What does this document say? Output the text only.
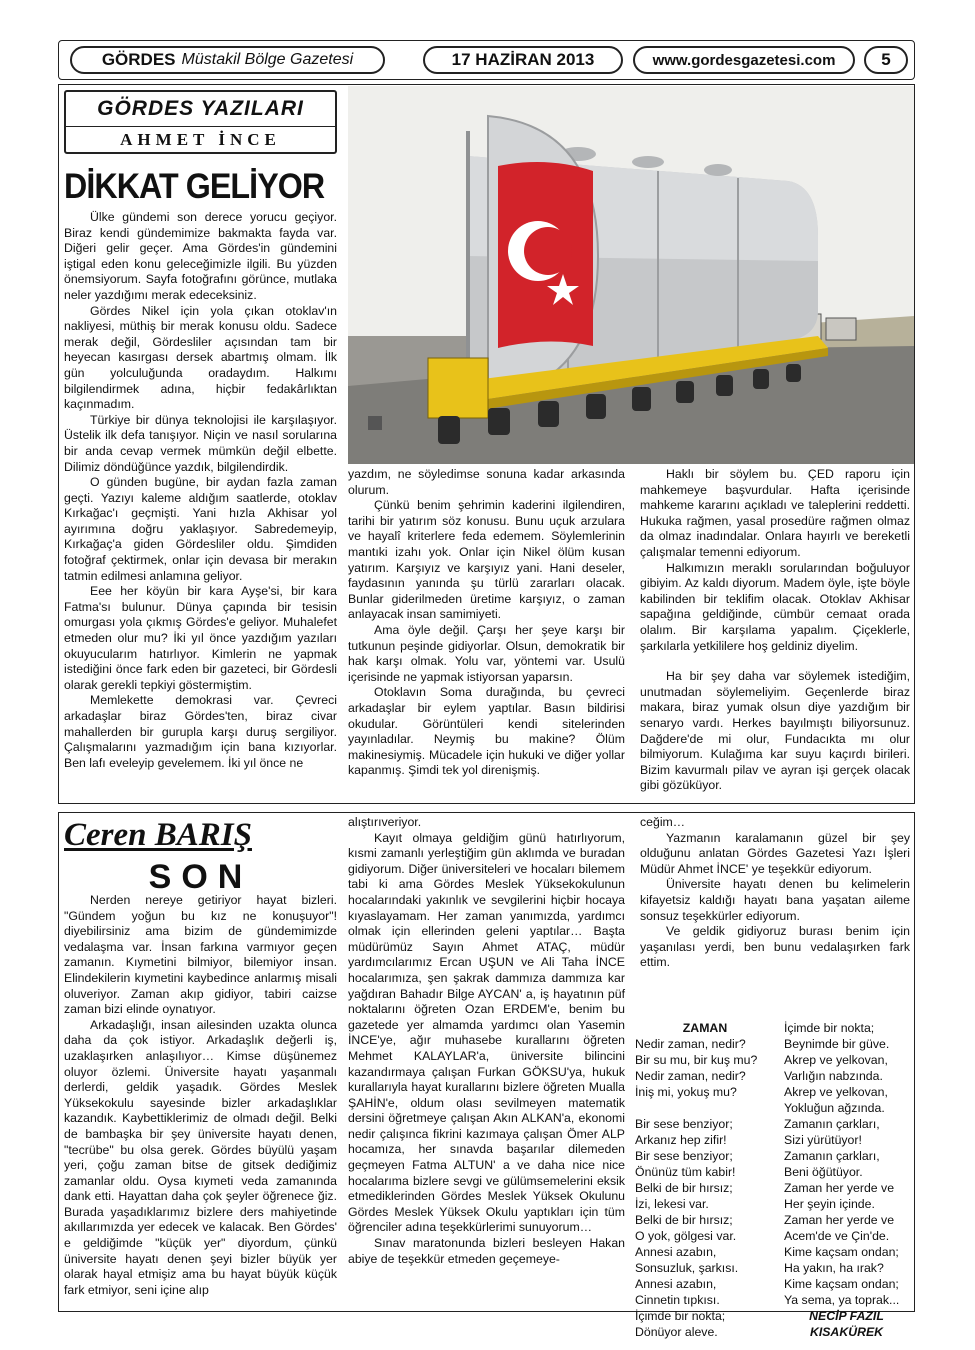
GÖRDES Müstakil Bölge Gazetesi	17 HAZİRAN 2013	www.gordesgazetesi.com	5
GÖRDES YAZILARI
AHMET İNCE
DİKKAT GELİYOR

Ülke gündemi son derece yorucu geçiyor. Biraz kendi gündemimize bakmakta fayda var. Diğeri gelir geçer. Ama Gördes'in gündemini iştigal eden konu geleceğimizle ilgili. Bu yüzden önemsiyorum. Sayfa fotoğrafını görünce, mutlaka neler yazdığımı merak edeceksiniz.

Gördes Nikel için yola çıkan otoklav'ın nakliyesi, müthiş bir merak konusu oldu. Sadece merak değil, Gördesliler açısından tam bir heyecan kasırgası dersek abartmış olmam. İlk gün yolculuğunda oradaydım. Halkımı bilgilendirmek adına, hiçbir fedakârlıktan kaçınmadım.

Türkiye bir dünya teknolojisi ile karşılaşıyor. Üstelik ilk defa tanışıyor. Niçin ve nasıl sorularına bir anda cevap vermek mümkün değil elbette. Dilimiz döndüğünce yazdık, bilgilendirdik.

O günden bugüne, bir aydan fazla zaman geçti. Yazıyı kaleme aldığım saatlerde, otoklav Kırkağac'ı geçmişti. Yani hızla Akhisar yol ayırımına doğru yaklaşıyor. Sabredemeyip, Kırkağaç'a giden Gördesliler oldu. Şimdiden fotoğraf çektirmek, onlar için devasa bir merakın tatmin edilmesi anlamına geliyor.

Eee her köyün bir kara Ayşe'si, bir kara Fatma'sı bulunur. Dünya çapında bir tesisin omurgası yola çıkmış Gördes'e geliyor. Muhalefet etmeden olur mu? İki yıl önce yazdığım yazıları okuyucularım hatırlıyor. Kimlerin ne yapmak istediğini önce fark eden bir gazeteci, bir Gördesli olarak gerekli tepkiyi göstermiştim.

Memlekette demokrasi var. Çevreci arkadaşlar biraz Gördes'ten, biraz civar mahallerden bir gurupla karşı duruş sergiliyor. Çalışmalarını yazmadığım için bana kızıyorlar. Ben lafı eveleyip gevelemem. İki yıl önce ne

yazdım, ne söyledimse sonuna kadar arkasında olurum.

Çünkü benim şehrimin kaderini ilgilendiren, tarihi bir yatırım söz konusu. Bunu uçuk arzulara ve hayalî kriterlere feda edemem. Söylemlerinin mantıki izahı yok. Onlar için Nikel ölüm kusan yatırım. Karşıyız ve karşıyız yani. Hani deseler, faydasının yanında şu türlü zararları olacak. Bunlar giderilmeden üretime karşıyız, o zaman anlayacak insan samimiyeti.

Ama öyle değil. Çarşı her şeye karşı bir tutkunun peşinde gidiyorlar. Olsun, demokratik bir hak karşı olmak. Yolu var, yöntemi var. Usulü içerisinde ne yapmak istiyorsan yaparsın.

Otoklavın Soma durağında, bu çevreci arkadaşlar bir eylem yaptılar. Basın bildirisi okudular. Görüntüleri kendi sitelerinden yayınladılar. Neymiş bu makine? Ölüm makinesiymiş. Mücadele için hukuki ve diğer yollar kapanmış. Şimdi tek yol direnişmiş.

Haklı bir söylem bu. ÇED raporu için mahkemeye başvurdular. Hafta içerisinde mahkeme kararını açıkladı ve taleplerini reddetti. Hukuka rağmen, yasal prosedüre rağmen olmaz da olmaz inadındalar. Onlara hayırlı ve bereketli çalışmalar temenni ediyorum.

Halkımızın meraklı sorularından boğuluyor gibiyim. Az kaldı diyorum. Madem öyle, işte böyle kabilinden bir teklifim olacak. Otoklav Akhisar sapağına geldiğinde, cümbür cemaat orada olalım. Bir karşılama yapalım. Çiçeklerle, şarkılarla yetkililere hoş geldiniz diyelim.

Ha bir şey daha var söylemek istediğim, unutmadan söylemeliyim. Geçenlerde biraz makara, biraz yumak olsun diye yazdığım bir senaryo vardı. Herkes bayılmıştı biliyorsunuz. Dağdere'de mi olur, Fundacıkta mı olur bilmiyorum. Kulağıma kar suyu kaçırdı birileri. Bizim kavurmalı pilav ve ayran işi gerçek olacak gibi gözüküyor.

Ceren BARIŞ
SON

Nerden nereye getiriyor hayat bizleri. "Gündem yoğun bu kız ne konuşuyor"! diyebilirsiniz ama bizim de gündemimizde vedalaşma var. İnsan farkına varmıyor geçen zamanın. Kıymetini bilmiyor, bilemiyor insan. Elindekilerin kıymetini kaybedince anlarmış misali oluveriyor. Zaman akıp gidiyor, tabiri caizse zaman bizi elinde oynatıyor.

Arkadaşlığı, insan ailesinden uzakta olunca daha da çok istiyor. Arkadaşlık değerli iş, uzaklaşırken anlaşılıyor… Kimse düşünemez oluyor özlemi. Üniversite hayatı yaşanmalı derlerdi, geldik yaşadık. Gördes Meslek Yüksekokulu sayesinde bizler arkadaşlıklar kazandık. Kaybettiklerimiz de olmadı değil. Belki de bambaşka bir şey üniversite hayatı denen, "tecrübe" bu olsa gerek. Gördes büyülü yaşam yeri, çoğu zaman bitse de gitsek dediğimiz zamanlar oldu. Oysa kıymeti veda zamanında dank etti. Hayattan daha çok şeyler öğrenece ğiz. Burada yaşadıklarımız bizlere ders mahiyetinde akıllarımızda yer edecek ve kalacak. Ben Gördes' e geldiğimde "küçük yer" diyordum, çünkü üniversite hayatı denen şeyi bizler büyük yer olarak hayal etmişiz ama bu hayat büyük küçük fark etmiyor, seni içine alıp

alıştırıveriyor.

Kayıt olmaya geldiğim günü hatırlıyorum, kısmi zamanlı yerleştiğim gün aklımda ve buradan gidiyorum. Diğer üniversiteleri ve hocaları bilemem tabi ki ama Gördes Meslek Yüksekokulunun hocalarındaki yakınlık ve sevgilerini hiçbir hocaya kıyaslayamam. Her zaman yanımızda, yardımcı olmak için ellerinden geleni yaptılar… Başta müdürümüz Sayın Ahmet ATAÇ, müdür yardımcılarımız Ercan UŞUN ve Ali Taha İNCE hocalarımıza, şen şakrak dammıza dammıza kar yağdıran Bahadır Bilge AYCAN' a, iş hayatının püf noktalarını öğreten Ozan ERDEM'e, benim bu gazetede yer almamda yardımcı olan Yasemin İNCE'ye, ağır muhasebe kurallarını öğreten Mehmet KALAYLAR'a, üniversite bilincini kazandırmaya çalışan Furkan GÖKSU'ya, hukuk kurallarıyla hayat kurallarını bizlere öğreten Mualla ŞAHİN'e, oldum olası sevilmeyen matematik dersini öğretmeye çalışan Akın ALKAN'a, ekonomi nedir çalışınca fikrini kazımaya çalışan Ömer ALP hocamıza, her sınavda başarılar dilemeden geçmeyen Fatma ALTUN' a ve daha nice nice hocalarıma bizlere sevgi ve gülümsemelerini eksik etmediklerinden Gördes Meslek Yüksek Okulunu Gördes Meslek Yüksek Okulu yaptıkları için tüm öğrenciler adına teşekkürlerimi sunuyorum…

Sınav maratonunda bizleri besleyen Hakan abiye de teşekkür etmeden geçemeye-

ceğim…

Yazmanın karalamanın güzel bir şey olduğunu anlatan Gördes Gazetesi Yazı İşleri Müdür Ahmet İNCE' ye teşekkür ediyorum.

Üniversite hayatı denen bu kelimelerin kifayetsiz kaldığı hayatı bana yaşatan aileme sonsuz teşekkürler ediyorum.

Ve geldik gidiyoruz burası benim için yaşanılası yerdi, ben bunu vedalaşırken fark ettim.

ZAMAN
Nedir zaman, nedir?
Bir su mu, bir kuş mu?
Nedir zaman, nedir?
İniş mi, yokuş mu?
Bir sese benziyor;
Arkanız hep zifir!
Bir sese benziyor;
Önünüz tüm kabir!
Belki de bir hırsız;
İzi, lekesi var.
Belki de bir hırsız;
O yok, gölgesi var.
Annesi azabın,
Sonsuzluk, şarkısı.
Annesi azabın,
Cinnetin tıpkısı.
İçimde bir nokta;
Dönüyor aleve.
İçimde bir nokta;
Beynimde bir güve.
Akrep ve yelkovan,
Varlığın nabzında.
Akrep ve yelkovan,
Yokluğun ağzında.
Zamanın çarkları,
Sizi yürütüyor!
Zamanın çarkları,
Beni öğütüyor.
Zaman her yerde ve
Her şeyin içinde.
Zaman her yerde ve
Acem'de ve Çin'de.
Kime kaçsam ondan;
Ha yakın, ha ırak?
Kime kaçsam ondan;
Ya sema, ya toprak...
NECİP FAZIL
KISAKÜREK
